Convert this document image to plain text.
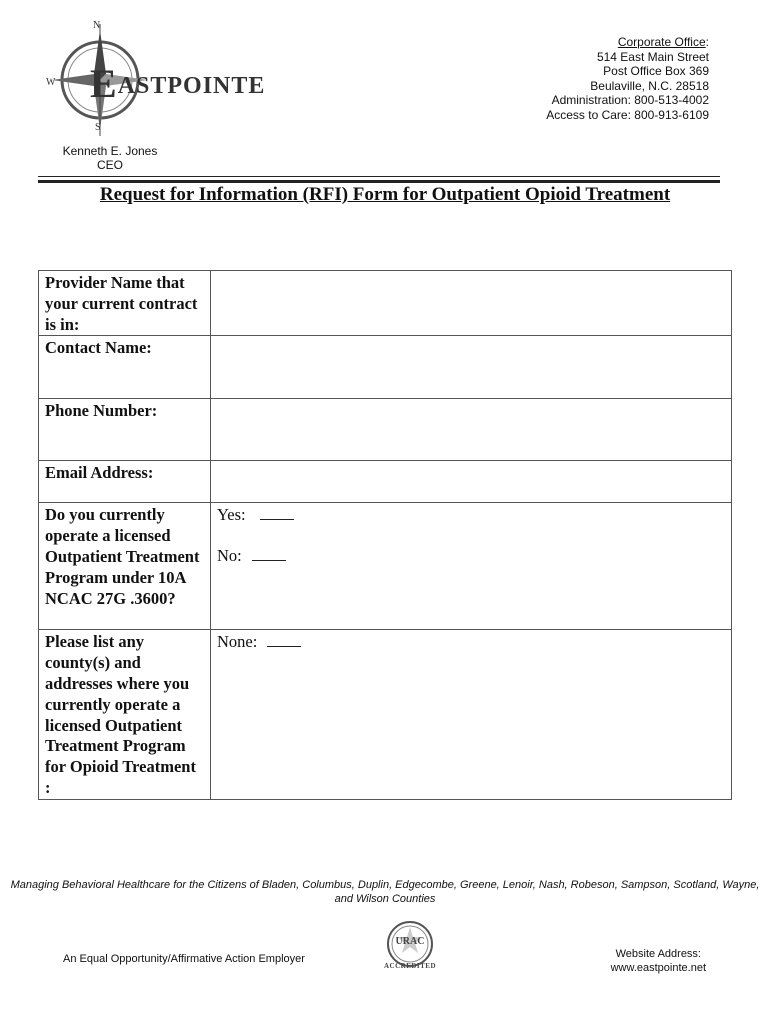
N
S
W EASTPOINTE
Corporate Office:
514 East Main Street
Post Office Box 369
Beulaville, N.C. 28518
Administration: 800-513-4002
Access to Care: 800-913-6109
Kenneth E. Jones
CEO
Request for Information (RFI) Form for Outpatient Opioid Treatment
Provider Name that your current contract is in:	
Contact Name:	
Phone Number:	
Email Address:	
Do you currently operate a licensed Outpatient Treatment Program under 10A NCAC 27G .3600?	Yes:
No:

Please list any county(s) and addresses where you currently operate a licensed Outpatient Treatment Program for Opioid Treatment :	None:
Managing Behavioral Healthcare for the Citizens of Bladen, Columbus, Duplin, Edgecombe, Greene, Lenoir, Nash, Robeson, Sampson, Scotland, Wayne, and Wilson Counties
An Equal Opportunity/Affirmative Action Employer
URAC
ACCREDITED
Website Address:
www.eastpointe.net
